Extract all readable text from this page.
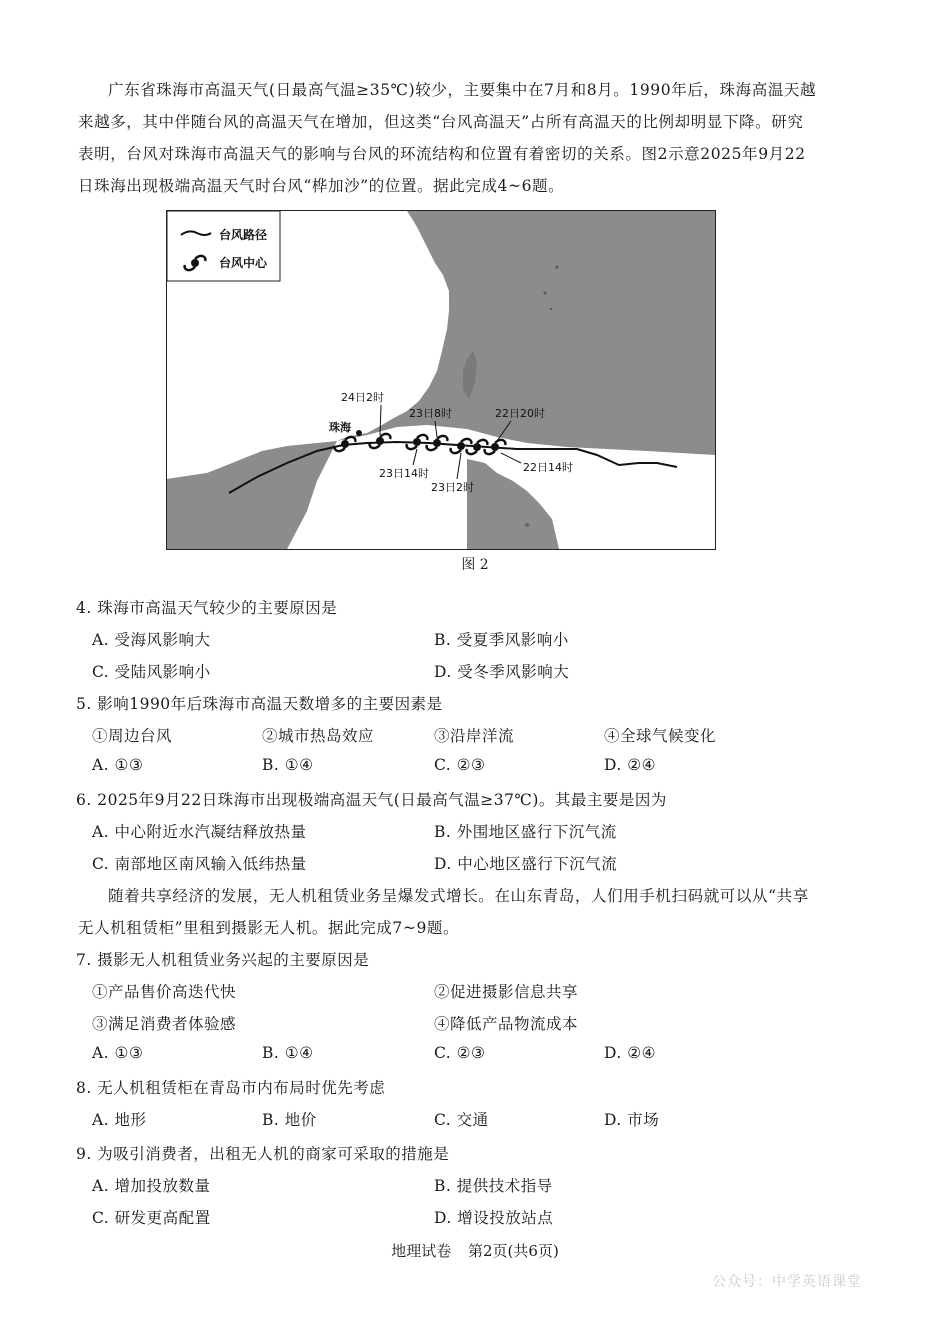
广东省珠海市高温天气(日最高气温≥35℃)较少，主要集中在7月和8月。1990年后，珠海高温天越来越多，其中伴随台风的高温天气在增加，但这类“台风高温天”占所有高温天的比例却明显下降。研究表明，台风对珠海市高温天气的影响与台风的环流结构和位置有着密切的关系。图2示意2025年9月22日珠海出现极端高温天气时台风“桦加沙”的位置。据此完成4~6题。

台风路径
台风中心
珠海
24日2时
23日8时	22日20时
23日14时
23日2时
22日14时
图 2
4. 珠海市高温天气较少的主要原因是
A. 受海风影响大	B. 受夏季风影响小
C. 受陆风影响小	D. 受冬季风影响大
5. 影响1990年后珠海市高温天数增多的主要因素是
①周边台风	②城市热岛效应	③沿岸洋流	④全球气候变化
A. ①③	B. ①④	C. ②③	D. ②④
6. 2025年9月22日珠海市出现极端高温天气(日最高气温≥37℃)。其最主要是因为
A. 中心附近水汽凝结释放热量	B. 外围地区盛行下沉气流
C. 南部地区南风输入低纬热量	D. 中心地区盛行下沉气流

随着共享经济的发展，无人机租赁业务呈爆发式增长。在山东青岛，人们用手机扫码就可以从“共享无人机租赁柜”里租到摄影无人机。据此完成7~9题。

7. 摄影无人机租赁业务兴起的主要原因是
①产品售价高迭代快	②促进摄影信息共享
③满足消费者体验感	④降低产品物流成本
A. ①③	B. ①④	C. ②③	D. ②④
8. 无人机租赁柜在青岛市内布局时优先考虑
A. 地形	B. 地价	C. 交通	D. 市场
9. 为吸引消费者，出租无人机的商家可采取的措施是
A. 增加投放数量	B. 提供技术指导
C. 研发更高配置	D. 增设投放站点
地理试卷 第2页(共6页)
公众号：中学英语课堂
